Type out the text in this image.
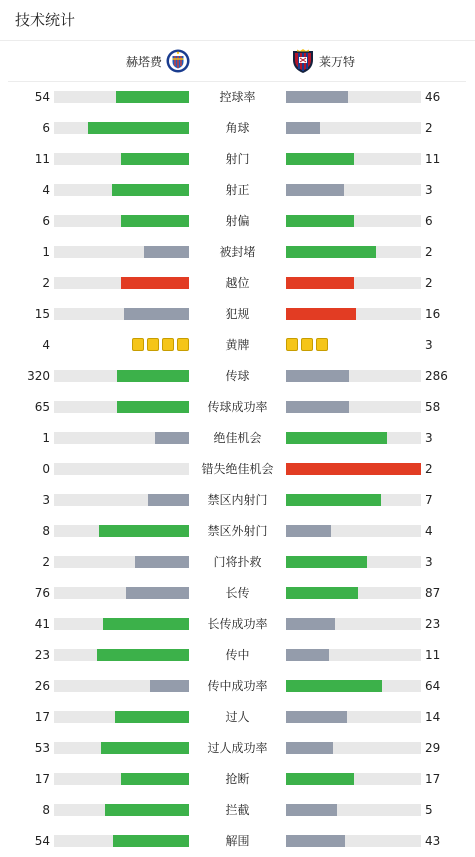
技术统计
赫塔费	莱万特
54	控球率	46
6	角球	2
11	射门	11
4	射正	3
6	射偏	6
1	被封堵	2
2	越位	2
15	犯规	16
4	黄牌	3
320	传球	286
65	传球成功率	58
1	绝佳机会	3
0	错失绝佳机会	2
3	禁区内射门	7
8	禁区外射门	4
2	门将扑救	3
76	长传	87
41	长传成功率	23
23	传中	11
26	传中成功率	64
17	过人	14
53	过人成功率	29
17	抢断	17
8	拦截	5
54	解围	43
